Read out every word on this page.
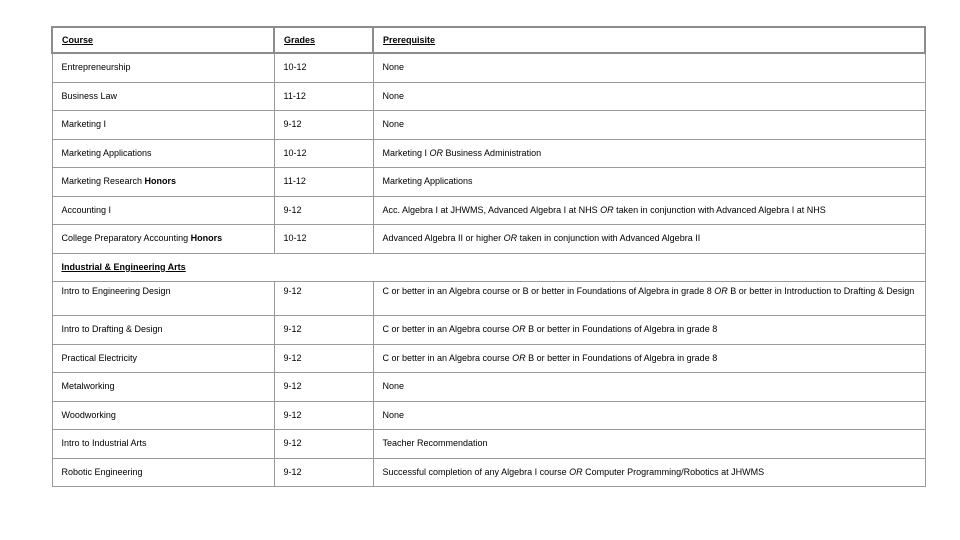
Course	Grades	Prerequisite
Entrepreneurship	10-12	None
Business Law	11-12	None
Marketing I	9-12	None
Marketing Applications	10-12	Marketing I OR Business Administration
Marketing Research Honors	11-12	Marketing Applications
Accounting I	9-12	Acc. Algebra I at JHWMS, Advanced Algebra I at NHS OR taken in conjunction with Advanced Algebra I at NHS
College Preparatory Accounting Honors	10-12	Advanced Algebra II or higher OR taken in conjunction with Advanced Algebra II
Industrial & Engineering Arts		
Intro to Engineering Design	9-12	C or better in an Algebra course or B or better in Foundations of Algebra in grade 8 OR B or better in Introduction to Drafting & Design
Intro to Drafting & Design	9-12	C or better in an Algebra course OR B or better in Foundations of Algebra in grade 8
Practical Electricity	9-12	C or better in an Algebra course OR B or better in Foundations of Algebra in grade 8
Metalworking	9-12	None
Woodworking	9-12	None
Intro to Industrial Arts	9-12	Teacher Recommendation
Robotic Engineering	9-12	Successful completion of any Algebra I course OR Computer Programming/Robotics at JHWMS
